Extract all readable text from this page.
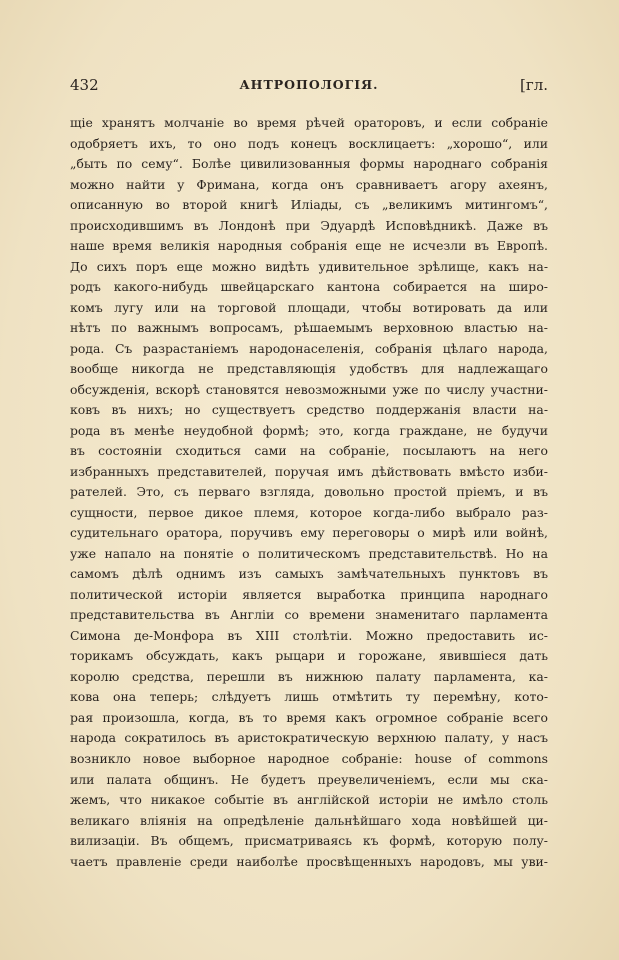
432	АНТРОПОЛОГІЯ.	[гл.
щіе хранятъ молчаніе во время рѣчей ораторовъ, и если собраніе
одобряетъ ихъ, то оно подъ конецъ восклицаетъ: „хорошо“, или
„быть по сему“. Болѣе цивилизованныя формы народнаго собранія
можно найти у Фримана, когда онъ сравниваетъ агору ахеянъ,
описанную во второй книгѣ Иліады, съ „великимъ митингомъ“,
происходившимъ въ Лондонѣ при Эдуардѣ Исповѣдникѣ. Даже въ
наше время великія народныя собранія еще не исчезли въ Европѣ.
До сихъ поръ еще можно видѣть удивительное зрѣлище, какъ на-
родъ какого-нибудь швейцарскаго кантона собирается на широ-
комъ лугу или на торговой площади, чтобы вотировать да или
нѣтъ по важнымъ вопросамъ, рѣшаемымъ верховною властью на-
рода. Съ разрастаніемъ народонаселенія, собранія цѣлаго народа,
вообще никогда не представляющія удобствъ для надлежащаго
обсужденія, вскорѣ становятся невозможными уже по числу участни-
ковъ въ нихъ; но существуетъ средство поддержанія власти на-
рода въ менѣе неудобной формѣ; это, когда граждане, не будучи
въ состояніи сходиться сами на собраніе, посылаютъ на него
избранныхъ представителей, поручая имъ дѣйствовать вмѣсто изби-
рателей. Это, съ перваго взгляда, довольно простой пріемъ, и въ
сущности, первое дикое племя, которое когда-либо выбрало раз-
судительнаго оратора, поручивъ ему переговоры о мирѣ или войнѣ,
уже напало на понятіе о политическомъ представительствѣ. Но на
самомъ дѣлѣ однимъ изъ самыхъ замѣчательныхъ пунктовъ въ
политической исторіи является выработка принципа народнаго
представительства въ Англіи со времени знаменитаго парламента
Симона де-Монфора въ XIII столѣтіи. Можно предоставить ис-
торикамъ обсуждать, какъ рыцари и горожане, явившіеся дать
королю средства, перешли въ нижнюю палату парламента, ка-
кова она теперь; слѣдуетъ лишь отмѣтить ту перемѣну, кото-
рая произошла, когда, въ то время какъ огромное собраніе всего
народа сократилось въ аристократическую верхнюю палату, у насъ
возникло новое выборное народное собраніе: house of commons
или палата общинъ. Не будетъ преувеличеніемъ, если мы ска-
жемъ, что никакое событіе въ англійской исторіи не имѣло столь
великаго вліянія на опредѣленіе дальнѣйшаго хода новѣйшей ци-
вилизаціи. Въ общемъ, присматриваясь къ формѣ, которую полу-
чаетъ правленіе среди наиболѣе просвѣщенныхъ народовъ, мы уви-
